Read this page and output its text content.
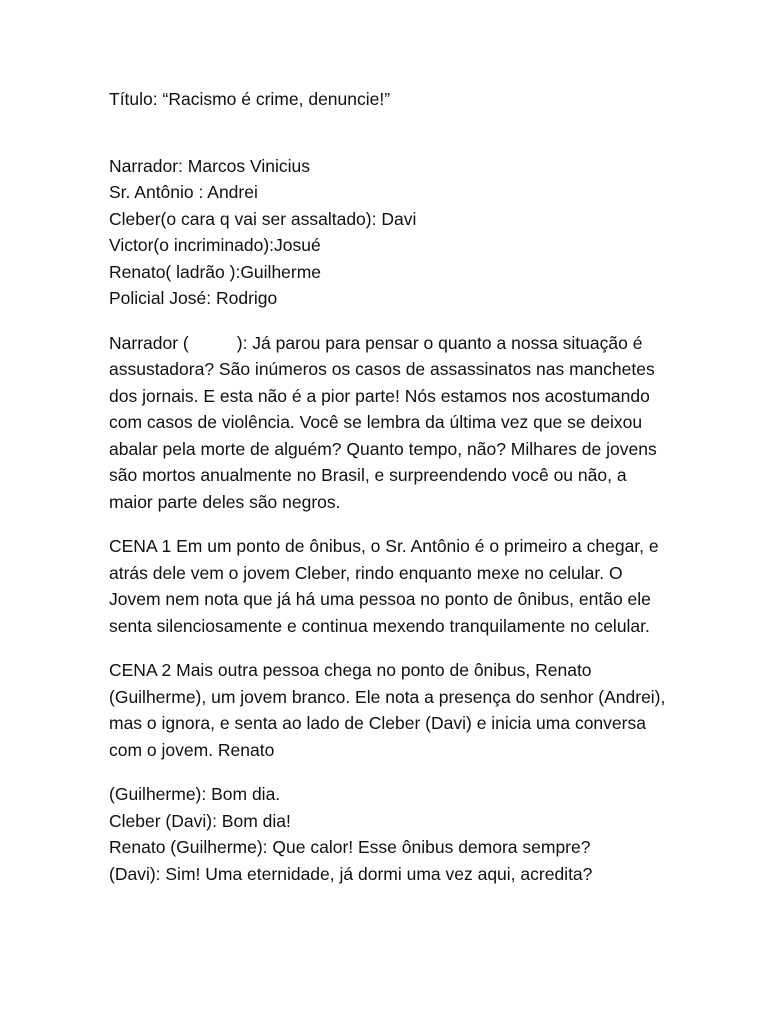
Título: “Racismo é crime, denuncie!”
Narrador: Marcos Vinicius
Sr. Antônio : Andrei
Cleber(o cara q vai ser assaltado): Davi
Victor(o incriminado):Josué
Renato( ladrão ):Guilherme
Policial José: Rodrigo
Narrador (	): Já parou para pensar o quanto a nossa situação é assustadora? São inúmeros os casos de assassinatos nas manchetes dos jornais. E esta não é a pior parte! Nós estamos nos acostumando com casos de violência. Você se lembra da última vez que se deixou abalar pela morte de alguém? Quanto tempo, não? Milhares de jovens são mortos anualmente no Brasil, e surpreendendo você ou não, a maior parte deles são negros.
CENA 1 Em um ponto de ônibus, o Sr. Antônio é o primeiro a chegar, e atrás dele vem o jovem Cleber, rindo enquanto mexe no celular. O Jovem nem nota que já há uma pessoa no ponto de ônibus, então ele senta silenciosamente e continua mexendo tranquilamente no celular.
CENA 2 Mais outra pessoa chega no ponto de ônibus, Renato (Guilherme), um jovem branco. Ele nota a presença do senhor (Andrei), mas o ignora, e senta ao lado de Cleber (Davi) e inicia uma conversa com o jovem. Renato
(Guilherme): Bom dia.
Cleber (Davi): Bom dia!
Renato (Guilherme): Que calor! Esse ônibus demora sempre?
(Davi): Sim! Uma eternidade, já dormi uma vez aqui, acredita?
